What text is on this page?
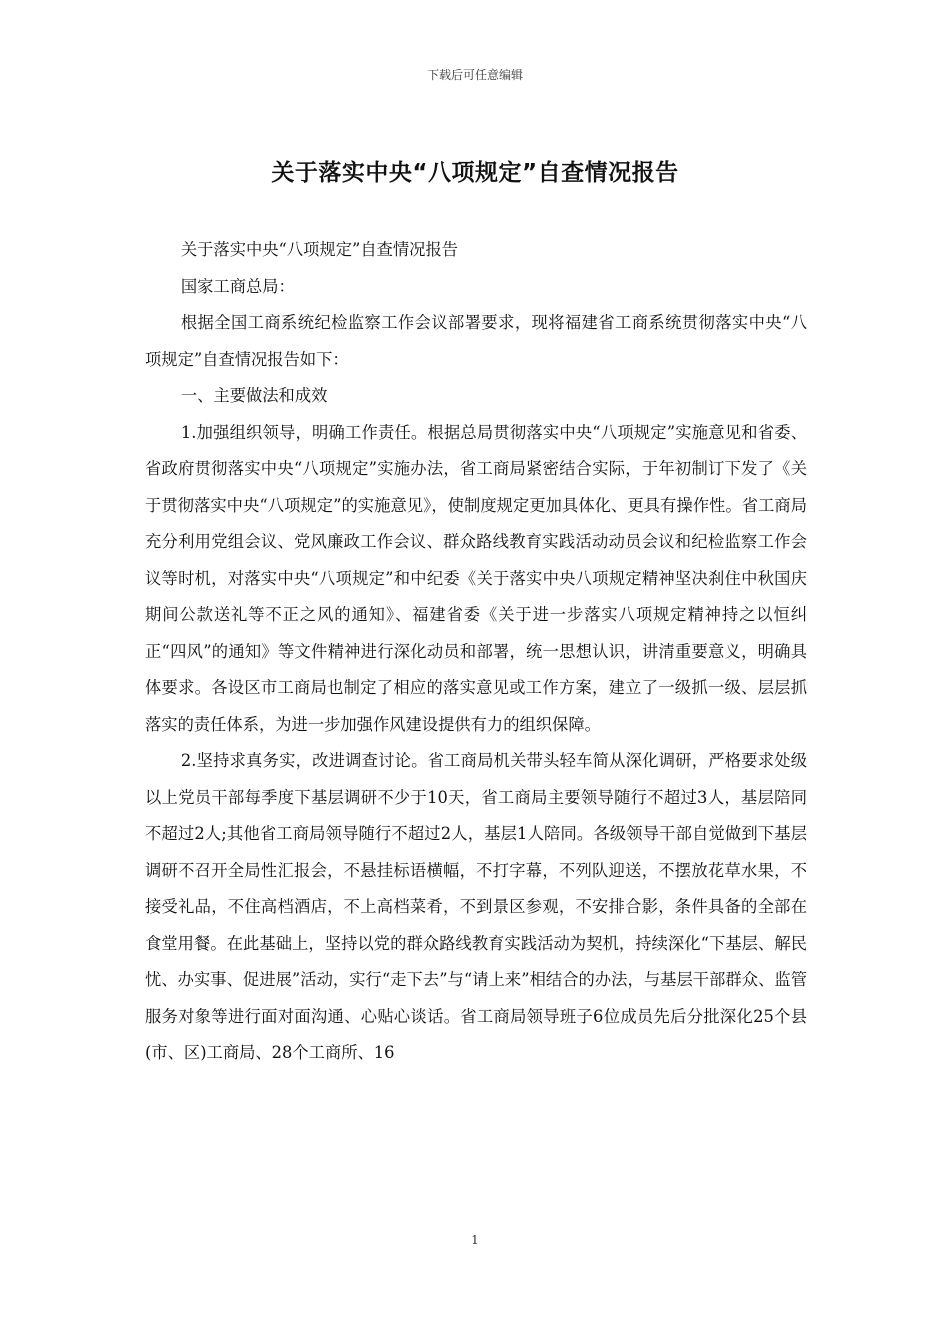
下载后可任意编辑
关于落实中央“八项规定”自查情况报告

关于落实中央“八项规定”自查情况报告

国家工商总局：

根据全国工商系统纪检监察工作会议部署要求，现将福建省工商系统贯彻落实中央“八项规定”自查情况报告如下：

一、主要做法和成效

1.加强组织领导，明确工作责任。根据总局贯彻落实中央“八项规定”实施意见和省委、省政府贯彻落实中央“八项规定”实施办法，省工商局紧密结合实际，于年初制订下发了《关于贯彻落实中央“八项规定”的实施意见》，使制度规定更加具体化、更具有操作性。省工商局充分利用党组会议、党风廉政工作会议、群众路线教育实践活动动员会议和纪检监察工作会议等时机，对落实中央“八项规定”和中纪委《关于落实中央八项规定精神坚决刹住中秋国庆期间公款送礼等不正之风的通知》、福建省委《关于进一步落实八项规定精神持之以恒纠正“四风”的通知》等文件精神进行深化动员和部署，统一思想认识，讲清重要意义，明确具体要求。各设区市工商局也制定了相应的落实意见或工作方案，建立了一级抓一级、层层抓落实的责任体系，为进一步加强作风建设提供有力的组织保障。

2.坚持求真务实，改进调查讨论。省工商局机关带头轻车简从深化调研，严格要求处级以上党员干部每季度下基层调研不少于10天，省工商局主要领导随行不超过3人，基层陪同不超过2人;其他省工商局领导随行不超过2人，基层1人陪同。各级领导干部自觉做到下基层调研不召开全局性汇报会，不悬挂标语横幅，不打字幕，不列队迎送，不摆放花草水果，不接受礼品，不住高档酒店，不上高档菜肴，不到景区参观，不安排合影，条件具备的全部在食堂用餐。在此基础上，坚持以党的群众路线教育实践活动为契机，持续深化“下基层、解民忧、办实事、促进展”活动，实行“走下去”与“请上来”相结合的办法，与基层干部群众、监管服务对象等进行面对面沟通、心贴心谈话。省工商局领导班子6位成员先后分批深化25个县(市、区)工商局、28个工商所、16

1
